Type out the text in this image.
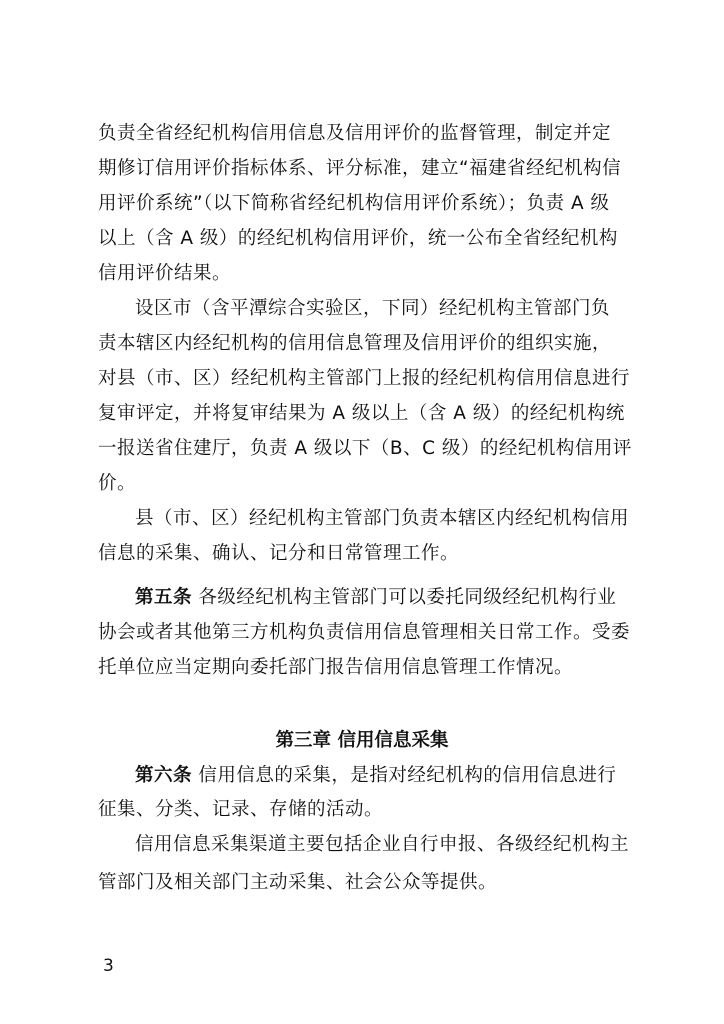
负责全省经纪机构信用信息及信用评价的监督管理，制定并定
期修订信用评价指标体系、评分标准，建立“福建省经纪机构信
用评价系统”（以下简称省经纪机构信用评价系统）；负责 A 级
以上（含 A 级）的经纪机构信用评价，统一公布全省经纪机构
信用评价结果。
设区市（含平潭综合实验区，下同）经纪机构主管部门负
责本辖区内经纪机构的信用信息管理及信用评价的组织实施，
对县（市、区）经纪机构主管部门上报的经纪机构信用信息进行
复审评定，并将复审结果为 A 级以上（含 A 级）的经纪机构统
一报送省住建厅，负责 A 级以下（B、C 级）的经纪机构信用评
价。
县（市、区）经纪机构主管部门负责本辖区内经纪机构信用
信息的采集、确认、记分和日常管理工作。
第五条 各级经纪机构主管部门可以委托同级经纪机构行业
协会或者其他第三方机构负责信用信息管理相关日常工作。受委
托单位应当定期向委托部门报告信用信息管理工作情况。
第三章 信用信息采集
第六条 信用信息的采集，是指对经纪机构的信用信息进行
征集、分类、记录、存储的活动。
信用信息采集渠道主要包括企业自行申报、各级经纪机构主
管部门及相关部门主动采集、社会公众等提供。
3
